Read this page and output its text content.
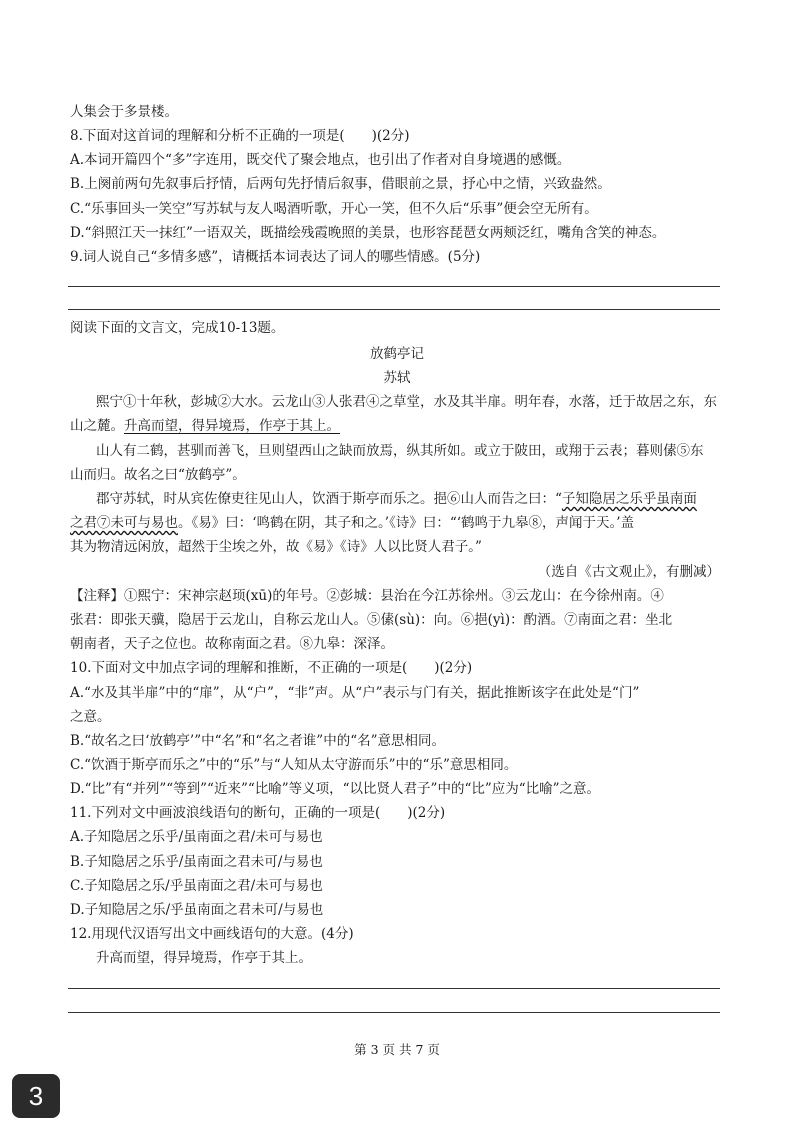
人集会于多景楼。
8.下面对这首词的理解和分析不正确的一项是(　　)(2分)
A.本词开篇四个“多”字连用，既交代了聚会地点，也引出了作者对自身境遇的感慨。
B.上阕前两句先叙事后抒情，后两句先抒情后叙事，借眼前之景，抒心中之情，兴致盎然。
C.“乐事回头一笑空”写苏轼与友人喝酒听歌，开心一笑，但不久后“乐事”便会空无所有。
D.“斜照江天一抹红”一语双关，既描绘残霞晚照的美景，也形容琵琶女两颊泛红，嘴角含笑的神态。
9.词人说自己“多情多感”，请概括本词表达了词人的哪些情感。(5分)
阅读下面的文言文，完成10-13题。
放鹤亭记
苏轼
熙宁①十年秋，彭城②大水。云龙山③人张君④之草堂，水及其半扉。明年春，水落，迁于故居之东，东
山之麓。升高而望，得异境焉，作亭于其上。
山人有二鹤，甚驯而善飞，旦则望西山之缺而放焉，纵其所如。或立于陂田，或翔于云表；暮则傃⑤东
山而归。故名之曰“放鹤亭”。
郡守苏轼，时从宾佐僚吏往见山人，饮酒于斯亭而乐之。挹⑥山人而告之曰：“子知隐居之乐乎虽南面
之君⑦未可与易也。《易》曰：‘鸣鹤在阴，其子和之。’《诗》曰：“‘鹤鸣于九皋⑧，声闻于天。’盖
其为物清远闲放，超然于尘埃之外，故《易》《诗》人以比贤人君子。”
（选自《古文观止》，有删减）
【注释】①熙宁：宋神宗赵顼(xū)的年号。②彭城：县治在今江苏徐州。③云龙山：在今徐州南。④
张君：即张天骥，隐居于云龙山，自称云龙山人。⑤傃(sù)：向。⑥挹(yì)：酌酒。⑦南面之君：坐北
朝南者，天子之位也。故称南面之君。⑧九皋：深泽。
10.下面对文中加点字词的理解和推断，不正确的一项是(　　)(2分)
A.“水及其半扉”中的“扉”，从“户”，“非”声。从“户”表示与门有关，据此推断该字在此处是“门”
之意。
B.“故名之曰‘放鹤亭’”中“名”和“名之者谁”中的“名”意思相同。
C.“饮酒于斯亭而乐之”中的“乐”与“人知从太守游而乐”中的“乐”意思相同。
D.“比”有“并列”“等到”“近来”“比喻”等义项，“以比贤人君子”中的“比”应为“比喻”之意。
11.下列对文中画波浪线语句的断句，正确的一项是(　　)(2分)
A.子知隐居之乐乎/虽南面之君/未可与易也
B.子知隐居之乐乎/虽南面之君未可/与易也
C.子知隐居之乐/乎虽南面之君/未可与易也
D.子知隐居之乐/乎虽南面之君未可/与易也
12.用现代汉语写出文中画线语句的大意。(4分)
升高而望，得异境焉，作亭于其上。
第 3 页 共 7 页
3
